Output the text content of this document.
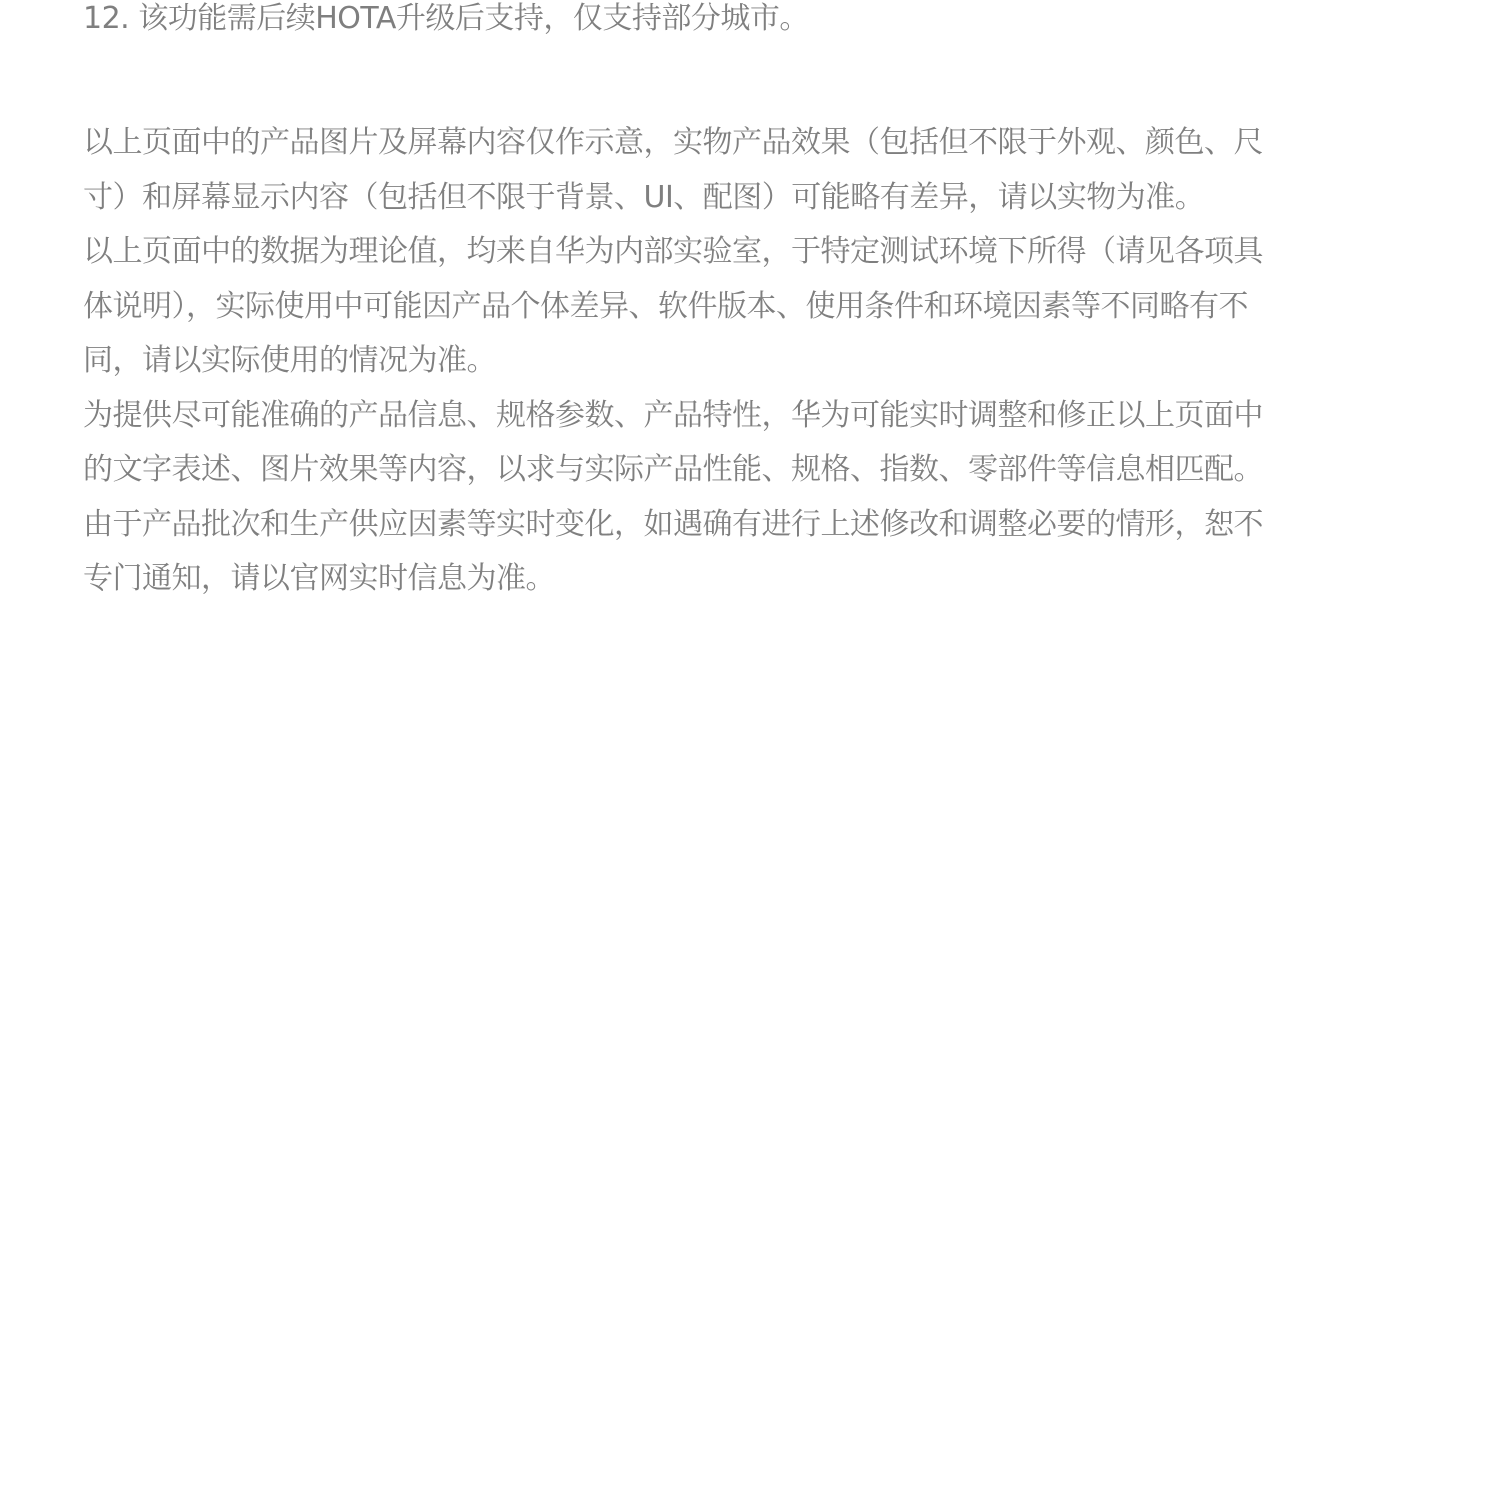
12. 该功能需后续HOTA升级后支持，仅支持部分城市。

以上页面中的产品图片及屏幕内容仅作示意，实物产品效果（包括但不限于外观、颜色、尺

寸）和屏幕显示内容（包括但不限于背景、UI、配图）可能略有差异，请以实物为准。

以上页面中的数据为理论值，均来自华为内部实验室，于特定测试环境下所得（请见各项具

体说明），实际使用中可能因产品个体差异、软件版本、使用条件和环境因素等不同略有不

同，请以实际使用的情况为准。

为提供尽可能准确的产品信息、规格参数、产品特性，华为可能实时调整和修正以上页面中

的文字表述、图片效果等内容，以求与实际产品性能、规格、指数、零部件等信息相匹配。

由于产品批次和生产供应因素等实时变化，如遇确有进行上述修改和调整必要的情形，恕不

专门通知，请以官网实时信息为准。
